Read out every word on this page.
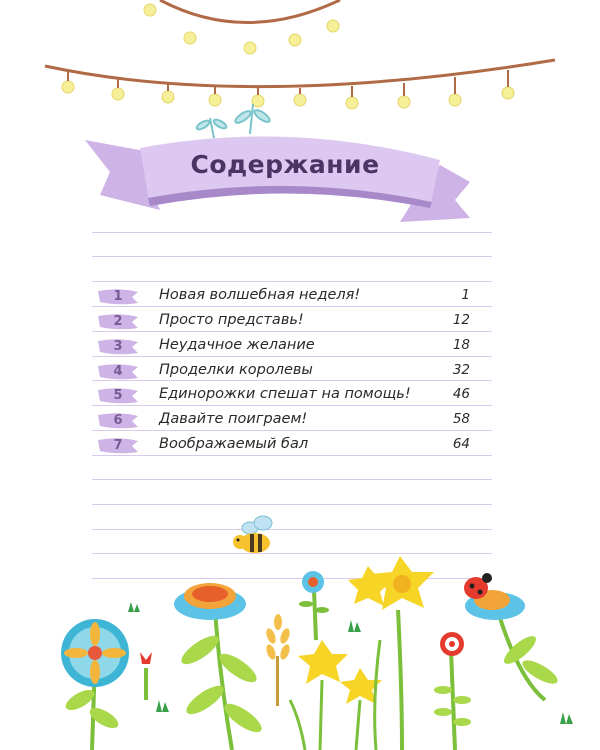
Содержание
1	Новая волшебная неделя!	1
2	Просто представь!	12
3	Неудачное желание	18
4	Проделки королевы	32
5	Единорожки спешат на помощь!	46
6	Давайте поиграем!	58
7	Воображаемый бал	64
